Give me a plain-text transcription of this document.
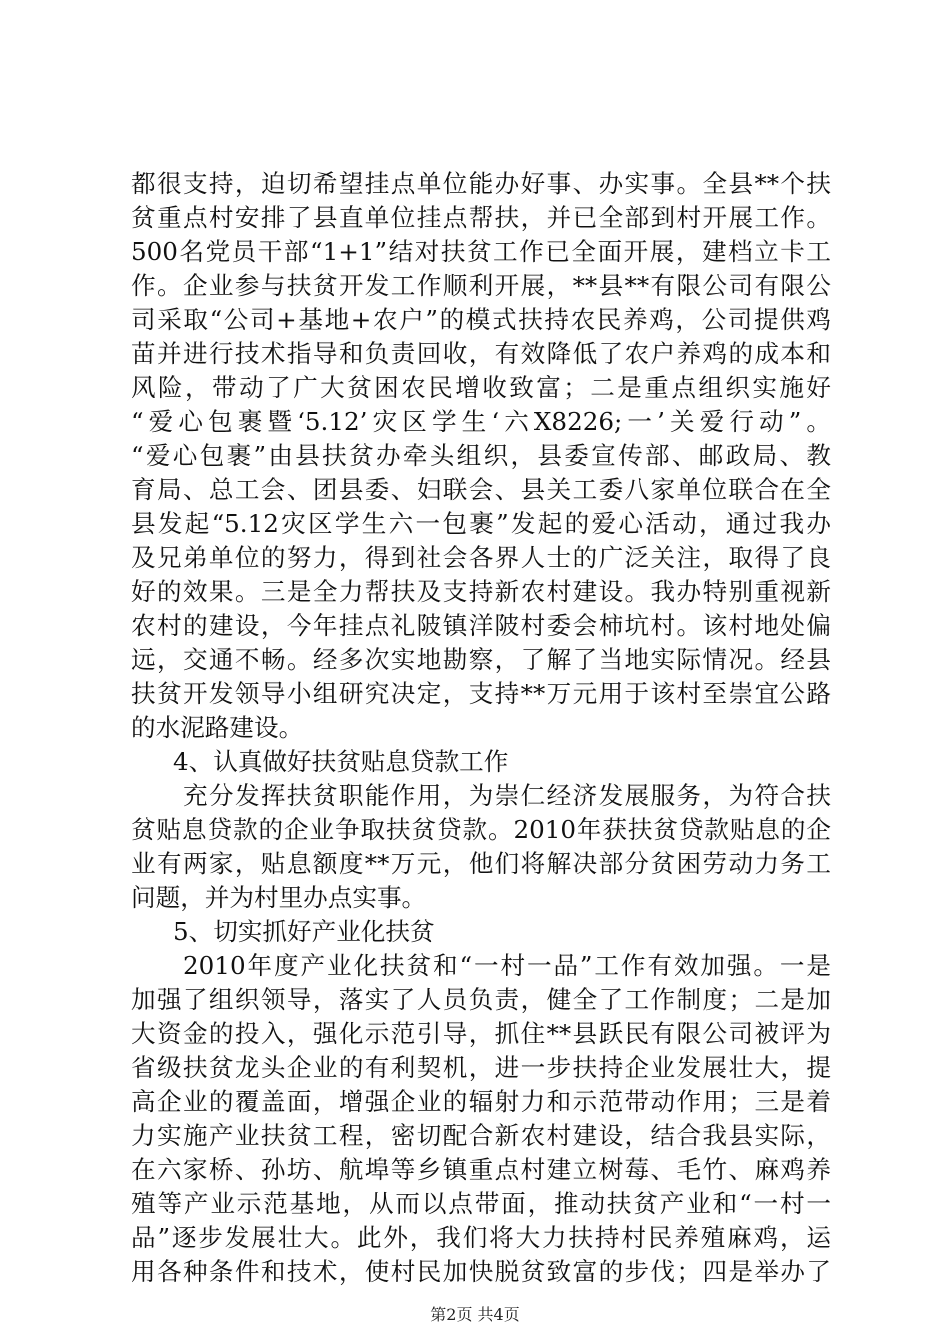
都很支持，迫切希望挂点单位能办好事、办实事。全县**个扶
贫重点村安排了县直单位挂点帮扶，并已全部到村开展工作。
500名党员干部“1+1”结对扶贫工作已全面开展，建档立卡工
作。企业参与扶贫开发工作顺利开展，**县**有限公司有限公
司采取“公司+基地+农户”的模式扶持农民养鸡，公司提供鸡
苗并进行技术指导和负责回收，有效降低了农户养鸡的成本和
风险，带动了广大贫困农民增收致富；二是重点组织实施好
“爱心包裹暨‘5.12’灾区学生‘六X8226;一’关爱行动”。
“爱心包裹”由县扶贫办牵头组织，县委宣传部、邮政局、教
育局、总工会、团县委、妇联会、县关工委八家单位联合在全
县发起“5.12灾区学生六一包裹”发起的爱心活动，通过我办
及兄弟单位的努力，得到社会各界人士的广泛关注，取得了良
好的效果。三是全力帮扶及支持新农村建设。我办特别重视新
农村的建设，今年挂点礼陂镇洋陂村委会柿坑村。该村地处偏
远，交通不畅。经多次实地勘察，了解了当地实际情况。经县
扶贫开发领导小组研究决定，支持**万元用于该村至崇宜公路
的水泥路建设。
4、认真做好扶贫贴息贷款工作
充分发挥扶贫职能作用，为崇仁经济发展服务，为符合扶
贫贴息贷款的企业争取扶贫贷款。2010年获扶贫贷款贴息的企
业有两家，贴息额度**万元，他们将解决部分贫困劳动力务工
问题，并为村里办点实事。
5、切实抓好产业化扶贫
2010年度产业化扶贫和“一村一品”工作有效加强。一是
加强了组织领导，落实了人员负责，健全了工作制度；二是加
大资金的投入，强化示范引导，抓住**县跃民有限公司被评为
省级扶贫龙头企业的有利契机，进一步扶持企业发展壮大，提
高企业的覆盖面，增强企业的辐射力和示范带动作用；三是着
力实施产业扶贫工程，密切配合新农村建设，结合我县实际，
在六家桥、孙坊、航埠等乡镇重点村建立树莓、毛竹、麻鸡养
殖等产业示范基地，从而以点带面，推动扶贫产业和“一村一
品”逐步发展壮大。此外，我们将大力扶持村民养殖麻鸡，运
用各种条件和技术，使村民加快脱贫致富的步伐；四是举办了
第2页 共4页
